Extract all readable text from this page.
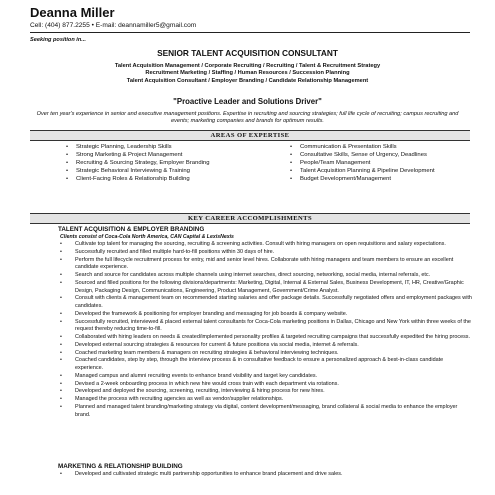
Deanna Miller
Cell: (404) 877.2255 • E-mail: deannamiller5@gmail.com
Seeking position in...
SENIOR TALENT ACQUISITION CONSULTANT
Talent Acquisition Management / Corporate Recruiting / Recruiting / Talent & Recruitment Strategy
Recruitment Marketing / Staffing / Human Resources / Succession Planning
Talent Acquisition Consultant / Employer Branding / Candidate Relationship Management
"Proactive Leader and Solutions Driver"
Over ten year's experience in senior and executive management positions. Expertise in recruiting and sourcing strategies; full life cycle of recruiting; campus recruiting and events; marketing companies and brands for optimum results.
AREAS OF EXPERTISE
• Strategic Planning, Leadership Skills
• Strong Marketing & Project Management
• Recruiting & Sourcing Strategy, Employer Branding
• Strategic Behavioral Interviewing & Training
• Client-Facing Roles & Relationship Building
• Communication & Presentation Skills
• Consultative Skills, Sense of Urgency, Deadlines
• People/Team Management
• Talent Acquisition Planning & Pipeline Development
• Budget Development/Management
KEY CAREER ACCOMPLISHMENTS
TALENT ACQUISITION & EMPLOYER BRANDING
Clients consist of Coca-Cola North America, CAN Capital & LexisNexis
• Cultivate top talent for managing the sourcing, recruiting & screening activities. Consult with hiring managers on open requisitions and salary expectations.
• Successfully recruited and filled multiple hard-to-fill positions within 30 days of hire.
• Perform the full lifecycle recruitment process for entry, mid and senior level hires. Collaborate with hiring managers and team members to ensure an excellent candidate experience.
• Search and source for candidates across multiple channels using internet searches, direct sourcing, networking, social media, internal referrals, etc.
• Sourced and filled positions for the following divisions/departments: Marketing, Digital, Internal & External Sales, Business Development, IT, HR, Creative/Graphic Design, Packaging Design, Communications, Engineering, Product Management, Government/Crime Analyst.
• Consult with clients & management team on recommended starting salaries and offer package details. Successfully negotiated offers and employment packages with candidates.
• Developed the framework & positioning for employer branding and messaging for job boards & company website.
• Successfully recruited, interviewed & placed external talent consultants for Coca-Cola marketing positions in Dallas, Chicago and New York within three weeks of the request thereby reducing time-to-fill.
• Collaborated with hiring leaders on needs & created/implemented personality profiles & targeted recruiting campaigns that successfully expedited the hiring process.
• Developed external sourcing strategies & resources for current & future positions via social media, internet & referrals.
• Coached marketing team members & managers on recruiting strategies & behavioral interviewing techniques.
• Coached candidates, step by step, through the interview process & in consultative feedback to ensure a personalized approach & best-in-class candidate experience.
• Managed campus and alumni recruiting events to enhance brand visibility and target key candidates.
• Devised a 2-week onboarding process in which new hire would cross train with each department via rotations.
• Developed and deployed the sourcing, screening, recruiting, interviewing & hiring process for new hires.
• Managed the process with recruiting agencies as well as vendor/supplier relationships.
• Planned and managed talent branding/marketing strategy via digital, content development/messaging, brand collateral & social media to enhance the employer brand.
MARKETING & RELATIONSHIP BUILDING
• Developed and cultivated strategic multi partnership opportunities to enhance brand placement and drive sales.
